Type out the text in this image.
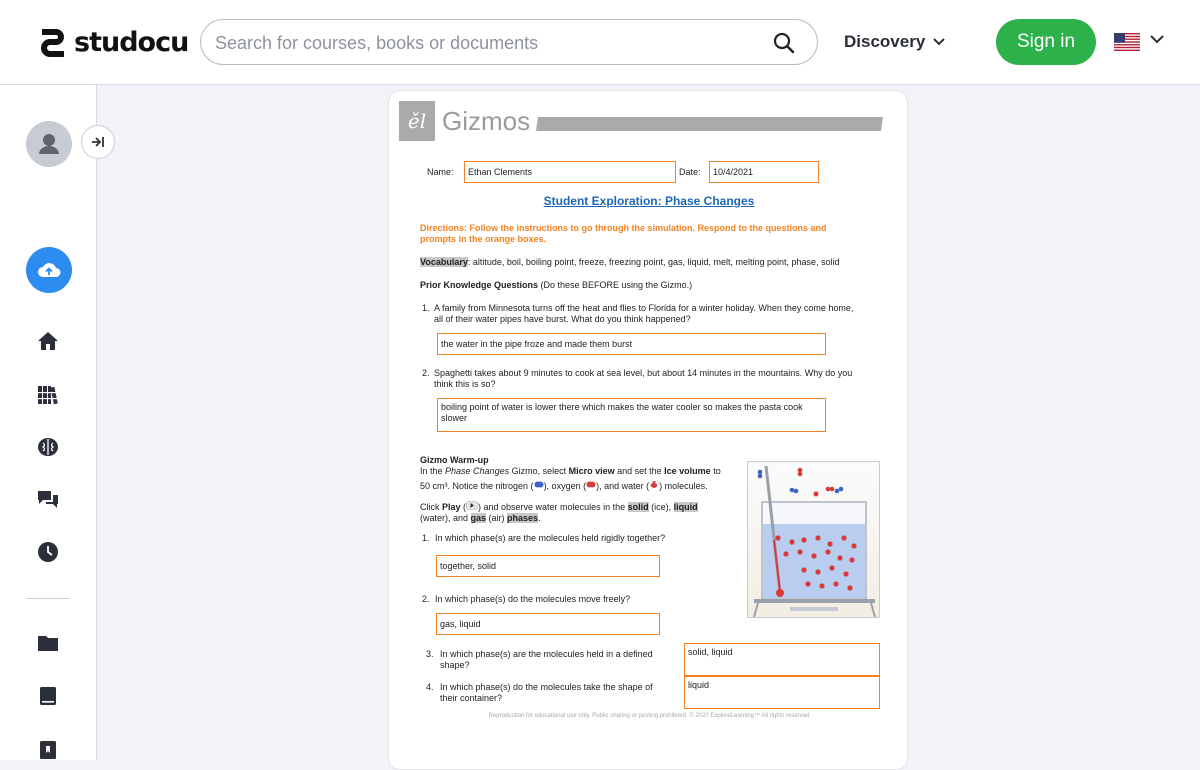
studocu
Search for courses, books or documents	Discovery	Sign in
ěl Gizmos
Name:	Ethan Clements	Date:	10/4/2021
Student Exploration: Phase Changes
Directions: Follow the instructions to go through the simulation. Respond to the questions and
prompts in the orange boxes.
Vocabulary: altitude, boil, boiling point, freeze, freezing point, gas, liquid, melt, melting point, phase, solid
Prior Knowledge Questions (Do these BEFORE using the Gizmo.)
1. A family from Minnesota turns off the heat and flies to Florida for a winter holiday. When they come home,
all of their water pipes have burst. What do you think happened?
the water in the pipe froze and made them burst
2. Spaghetti takes about 9 minutes to cook at sea level, but about 14 minutes in the mountains. Why do you
think this is so?
boiling point of water is lower there which makes the water cooler so makes the pasta cook
slower
Gizmo Warm-up
In the Phase Changes Gizmo, select Micro view and set the Ice volume to
50 cm³. Notice the nitrogen ( ), oxygen ( ), and water ( ) molecules.
Click Play ( ) and observe water molecules in the solid (ice), liquid
(water), and gas (air) phases.
1. In which phase(s) are the molecules held rigidly together?
together, solid
2. In which phase(s) do the molecules move freely?
gas, liquid
3. In which phase(s) are the molecules held in a defined
shape?
solid, liquid
4. In which phase(s) do the molecules take the shape of
their container?
liquid
Reproduction for educational use only. Public sharing or posting prohibited. © 2020 ExploreLearning™ All rights reserved
